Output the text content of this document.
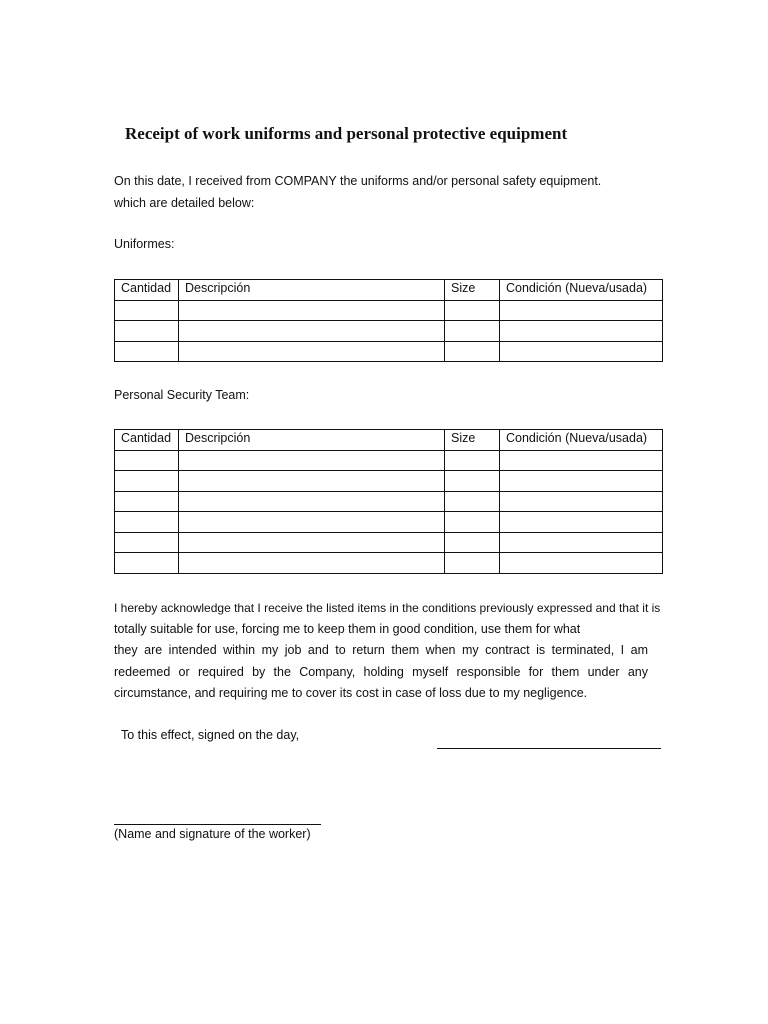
Receipt of work uniforms and personal protective equipment
On this date, I received from COMPANY the uniforms and/or personal safety equipment.
which are detailed below:
Uniformes:
Cantidad	Descripción	Size	Condición (Nueva/usada)

Personal Security Team:
Cantidad	Descripción	Size	Condición (Nueva/usada)

I hereby acknowledge that I receive the listed items in the conditions previously expressed and that it is
totally suitable for use, forcing me to keep them in good condition, use them for what
they are intended within my job and to return them when my contract is terminated, I am
redeemed or required by the Company, holding myself responsible for them under any
circumstance, and requiring me to cover its cost in case of loss due to my negligence.
To this effect, signed on the day,
(Name and signature of the worker)
